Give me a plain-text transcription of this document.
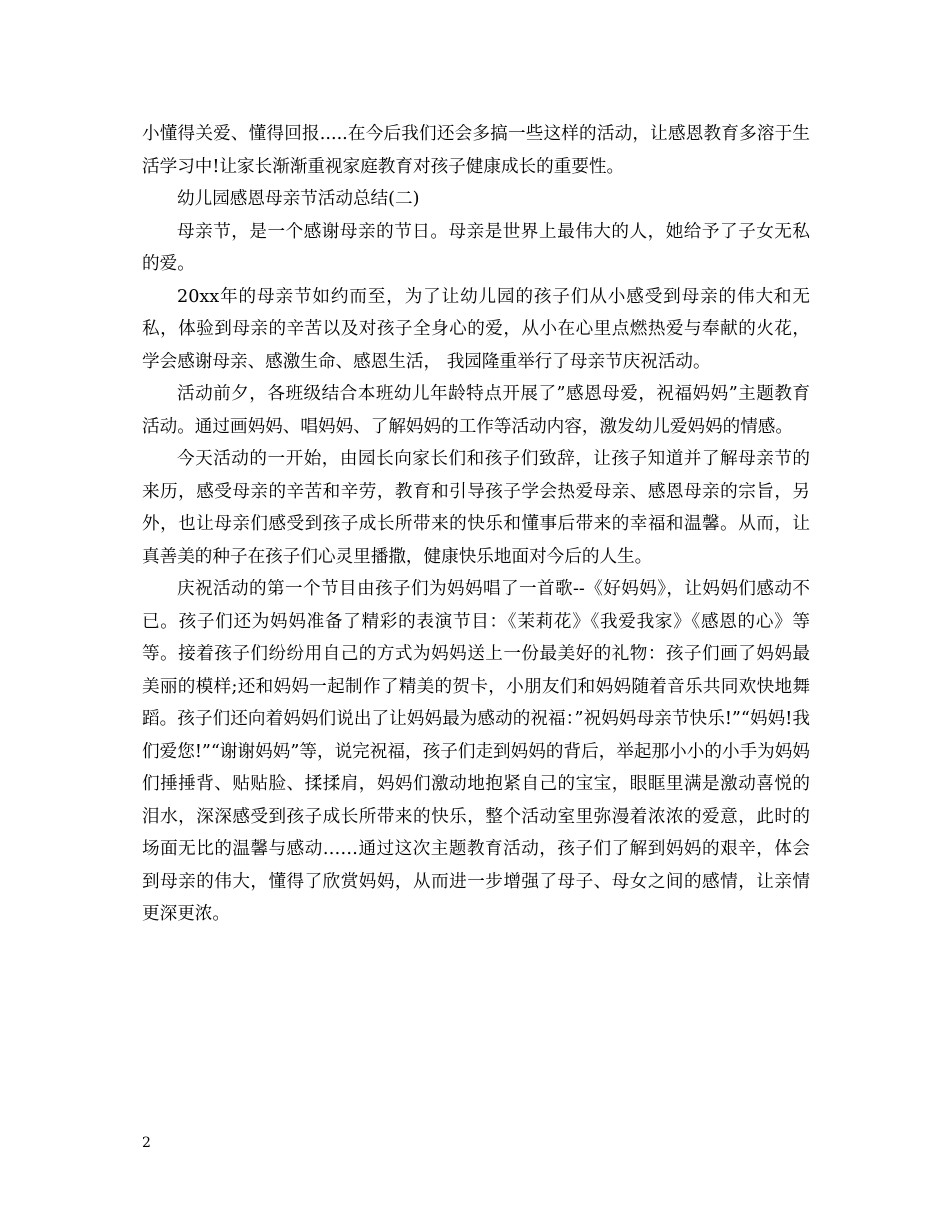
小懂得关爱、懂得回报.....在今后我们还会多搞一些这样的活动，让感恩教育多溶于生活学习中!让家长渐渐重视家庭教育对孩子健康成长的重要性。

幼儿园感恩母亲节活动总结(二)

母亲节，是一个感谢母亲的节日。母亲是世界上最伟大的人，她给予了子女无私的爱。

20xx年的母亲节如约而至，为了让幼儿园的孩子们从小感受到母亲的伟大和无私，体验到母亲的辛苦以及对孩子全身心的爱，从小在心里点燃热爱与奉献的火花，学会感谢母亲、感激生命、感恩生活， 我园隆重举行了母亲节庆祝活动。

活动前夕，各班级结合本班幼儿年龄特点开展了”感恩母爱，祝福妈妈”主题教育活动。通过画妈妈、唱妈妈、了解妈妈的工作等活动内容，激发幼儿爱妈妈的情感。

今天活动的一开始，由园长向家长们和孩子们致辞，让孩子知道并了解母亲节的来历，感受母亲的辛苦和辛劳，教育和引导孩子学会热爱母亲、感恩母亲的宗旨，另外，也让母亲们感受到孩子成长所带来的快乐和懂事后带来的幸福和温馨。从而，让真善美的种子在孩子们心灵里播撒，健康快乐地面对今后的人生。

庆祝活动的第一个节目由孩子们为妈妈唱了一首歌--《好妈妈》，让妈妈们感动不已。孩子们还为妈妈准备了精彩的表演节目：《茉莉花》《我爱我家》《感恩的心》等等。接着孩子们纷纷用自己的方式为妈妈送上一份最美好的礼物：孩子们画了妈妈最美丽的模样;还和妈妈一起制作了精美的贺卡，小朋友们和妈妈随着音乐共同欢快地舞蹈。孩子们还向着妈妈们说出了让妈妈最为感动的祝福：”祝妈妈母亲节快乐!”“妈妈!我们爱您!”“谢谢妈妈”等，说完祝福，孩子们走到妈妈的背后，举起那小小的小手为妈妈们捶捶背、贴贴脸、揉揉肩，妈妈们激动地抱紧自己的宝宝，眼眶里满是激动喜悦的泪水，深深感受到孩子成长所带来的快乐，整个活动室里弥漫着浓浓的爱意，此时的场面无比的温馨与感动……通过这次主题教育活动，孩子们了解到妈妈的艰辛，体会到母亲的伟大，懂得了欣赏妈妈，从而进一步增强了母子、母女之间的感情，让亲情更深更浓。

2
